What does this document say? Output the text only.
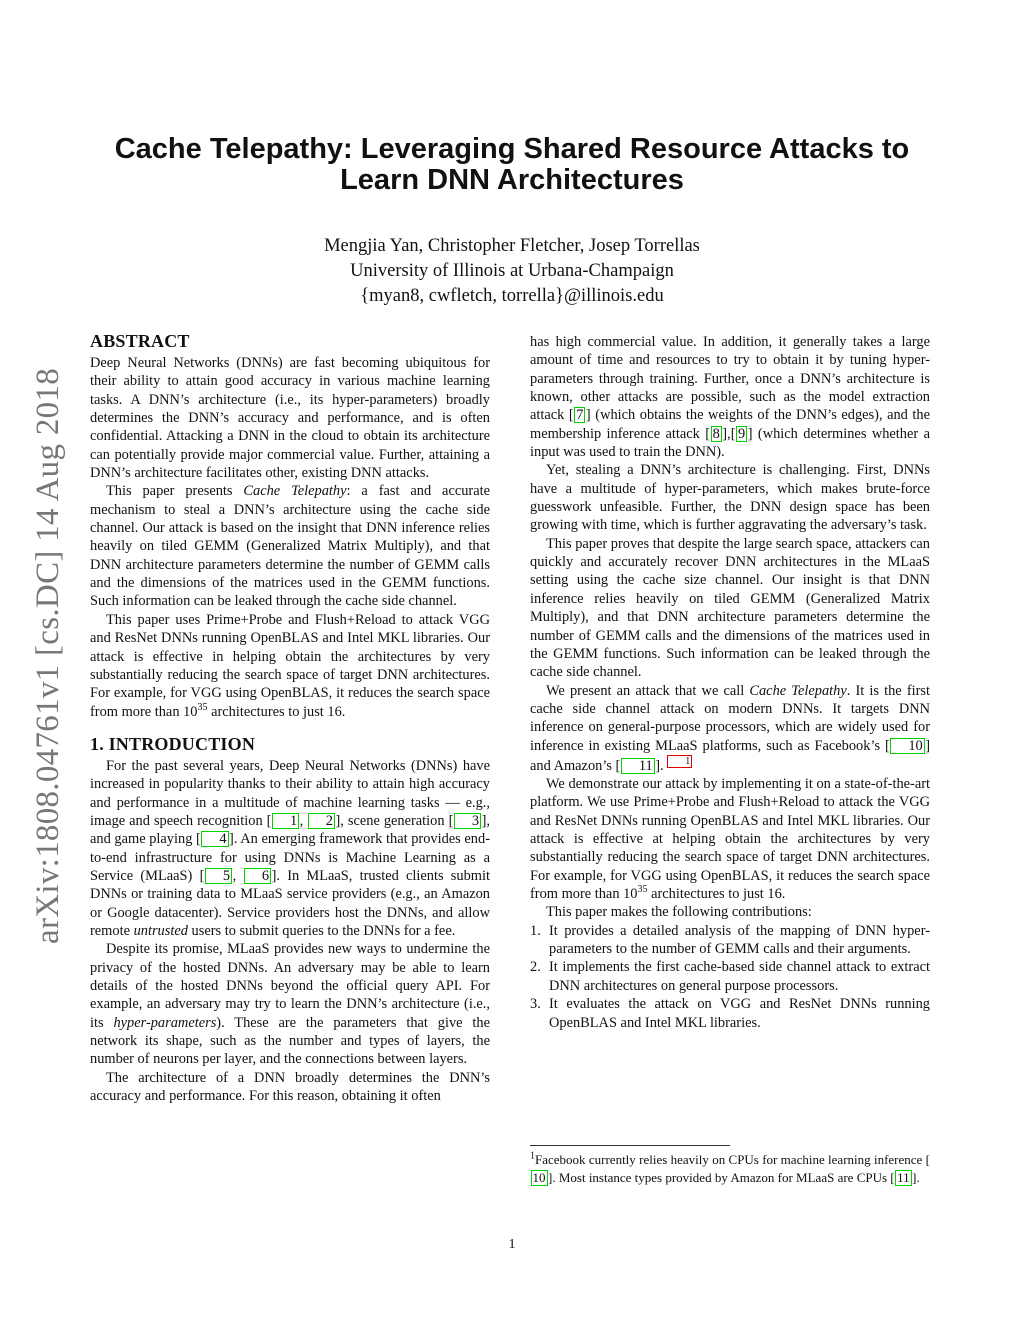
arXiv:1808.04761v1 [cs.DC] 14 Aug 2018
Cache Telepathy: Leveraging Shared Resource Attacks to
Learn DNN Architectures
Mengjia Yan, Christopher Fletcher, Josep Torrellas
University of Illinois at Urbana-Champaign
{myan8, cwfletch, torrella}@illinois.edu
ABSTRACT

Deep Neural Networks (DNNs) are fast becoming ubiquitous for their ability to attain good accuracy in various machine learning tasks. A DNN’s architecture (i.e., its hyper-parameters) broadly determines the DNN’s accuracy and performance, and is often confidential. Attacking a DNN in the cloud to obtain its architecture can potentially provide major commercial value. Further, attaining a DNN’s architecture facilitates other, existing DNN attacks.

This paper presents Cache Telepathy: a fast and accurate mechanism to steal a DNN’s architecture using the cache side channel. Our attack is based on the insight that DNN inference relies heavily on tiled GEMM (Generalized Matrix Multiply), and that DNN architecture parameters determine the number of GEMM calls and the dimensions of the matrices used in the GEMM functions. Such information can be leaked through the cache side channel.

This paper uses Prime+Probe and Flush+Reload to attack VGG and ResNet DNNs running OpenBLAS and Intel MKL libraries. Our attack is effective in helping obtain the architectures by very substantially reducing the search space of target DNN architectures. For example, for VGG using OpenBLAS, it reduces the search space from more than $10^{35}$ architectures to just 16.

1. INTRODUCTION

For the past several years, Deep Neural Networks (DNNs) have increased in popularity thanks to their ability to attain high accuracy and performance in a multitude of machine learning tasks — e.g., image and speech recognition [ 1 , 2 ], scene generation [ 3 ], and game playing [ 4 ]. An emerging framework that provides end-to-end infrastructure for using DNNs is Machine Learning as a Service (MLaaS) [ 5 , 6 ]. In MLaaS, trusted clients submit DNNs or training data to MLaaS service providers (e.g., an Amazon or Google datacenter). Service providers host the DNNs, and allow remote untrusted users to submit queries to the DNNs for a fee.

Despite its promise, MLaaS provides new ways to undermine the privacy of the hosted DNNs. An adversary may be able to learn details of the hosted DNNs beyond the official query API. For example, an adversary may try to learn the DNN’s architecture (i.e., its hyper-parameters). These are the parameters that give the network its shape, such as the number and types of layers, the number of neurons per layer, and the connections between layers.

The architecture of a DNN broadly determines the DNN’s accuracy and performance. For this reason, obtaining it often

has high commercial value. In addition, it generally takes a large amount of time and resources to try to obtain it by tuning hyper-parameters through training. Further, once a DNN’s architecture is known, other attacks are possible, such as the model extraction attack [ 7 ] (which obtains the weights of the DNN’s edges), and the membership inference attack [ 8 ],[ 9 ] (which determines whether a input was used to train the DNN).

Yet, stealing a DNN’s architecture is challenging. First, DNNs have a multitude of hyper-parameters, which makes brute-force guesswork unfeasible. Further, the DNN design space has been growing with time, which is further aggravating the adversary’s task.

This paper proves that despite the large search space, attackers can quickly and accurately recover DNN architectures in the MLaaS setting using the cache size channel. Our insight is that DNN inference relies heavily on tiled GEMM (Generalized Matrix Multiply), and that DNN architecture parameters determine the number of GEMM calls and the dimensions of the matrices used in the GEMM functions. Such information can be leaked through the cache side channel.

We present an attack that we call Cache Telepathy. It is the first cache side channel attack on modern DNNs. It targets DNN inference on general-purpose processors, which are widely used for inference in existing MLaaS platforms, such as Facebook’s [ 10 ] and Amazon’s [ 11 ]. 1

We demonstrate our attack by implementing it on a state-of-the-art platform. We use Prime+Probe and Flush+Reload to attack the VGG and ResNet DNNs running OpenBLAS and Intel MKL libraries. Our attack is effective at helping obtain the architectures by very substantially reducing the search space of target DNN architectures. For example, for VGG using OpenBLAS, it reduces the search space from more than $10^{35}$ architectures to just 16.

This paper makes the following contributions:

1. It provides a detailed analysis of the mapping of DNN hyper-parameters to the number of GEMM calls and their arguments.
2. It implements the first cache-based side channel attack to extract DNN architectures on general purpose processors.
3. It evaluates the attack on VGG and ResNet DNNs running OpenBLAS and Intel MKL libraries.
$^1$Facebook currently relies heavily on CPUs for machine learning inference [10 ]. Most instance types provided by Amazon for MLaaS are CPUs [ 11 ].
1
